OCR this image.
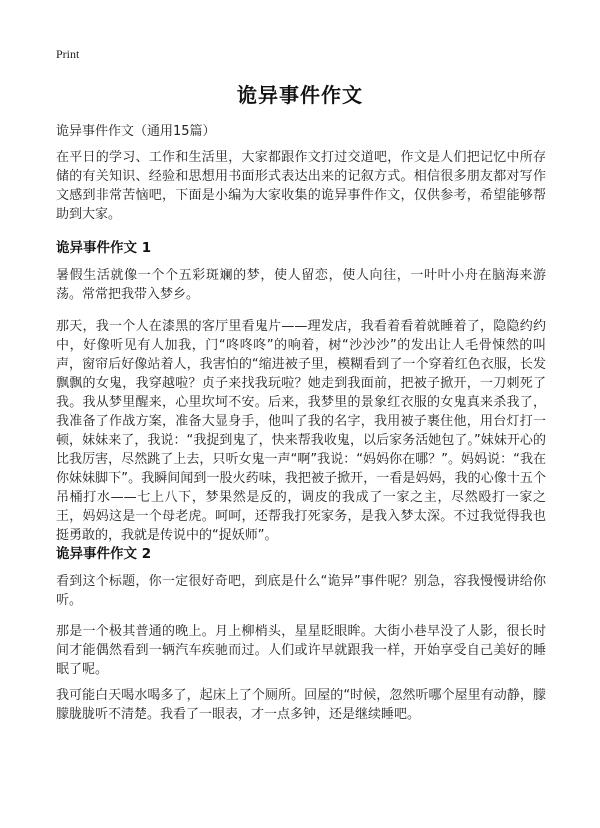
Print
诡异事件作文
诡异事件作文（通用15篇）

在平日的学习、工作和生活里，大家都跟作文打过交道吧，作文是人们把记忆中所存储的有关知识、经验和思想用书面形式表达出来的记叙方式。相信很多朋友都对写作文感到非常苦恼吧，下面是小编为大家收集的诡异事件作文，仅供参考，希望能够帮助到大家。

诡异事件作文 1

暑假生活就像一个个五彩斑斓的梦，使人留恋，使人向往，一叶叶小舟在脑海来游荡。常常把我带入梦乡。

那天，我一个人在漆黑的客厅里看鬼片——理发店，我看着看着就睡着了，隐隐约约中，好像听见有人加我，门“咚咚咚”的响着，树“沙沙沙”的发出让人毛骨悚然的叫声，窗帘后好像站着人，我害怕的“缩进被子里，模糊看到了一个穿着红色衣服，长发飘飘的女鬼，我穿越啦？贞子来找我玩啦？她走到我面前，把被子掀开，一刀刺死了我。我从梦里醒来，心里坎坷不安。后来，我梦里的景象红衣服的女鬼真来杀我了，我准备了作战方案，准备大显身手，他叫了我的名字，我用被子裹住他，用台灯打一顿，妹妹来了，我说：“我捉到鬼了，快来帮我收鬼，以后家务活她包了。”妹妹开心的比我厉害，尽然跳了上去，只听女鬼一声“啊”我说：“妈妈你在哪？”。妈妈说：“我在你妹妹脚下”。我瞬间闻到一股火药味，我把被子掀开，一看是妈妈，我的心像十五个吊桶打水——七上八下，梦果然是反的，调皮的我成了一家之主，尽然殴打一家之王，妈妈这是一个母老虎。呵呵，还帮我打死家务，是我入梦太深。不过我觉得我也挺勇敢的，我就是传说中的“捉妖师”。

诡异事件作文 2

看到这个标题，你一定很好奇吧，到底是什么“诡异”事件呢？别急，容我慢慢讲给你听。

那是一个极其普通的晚上。月上柳梢头，星星眨眼眸。大街小巷早没了人影，很长时间才能偶然看到一辆汽车疾驰而过。人们或许早就跟我一样，开始享受自己美好的睡眠了呢。

我可能白天喝水喝多了，起床上了个厕所。回屋的“时候，忽然听哪个屋里有动静，朦朦胧胧听不清楚。我看了一眼表，才一点多钟，还是继续睡吧。
